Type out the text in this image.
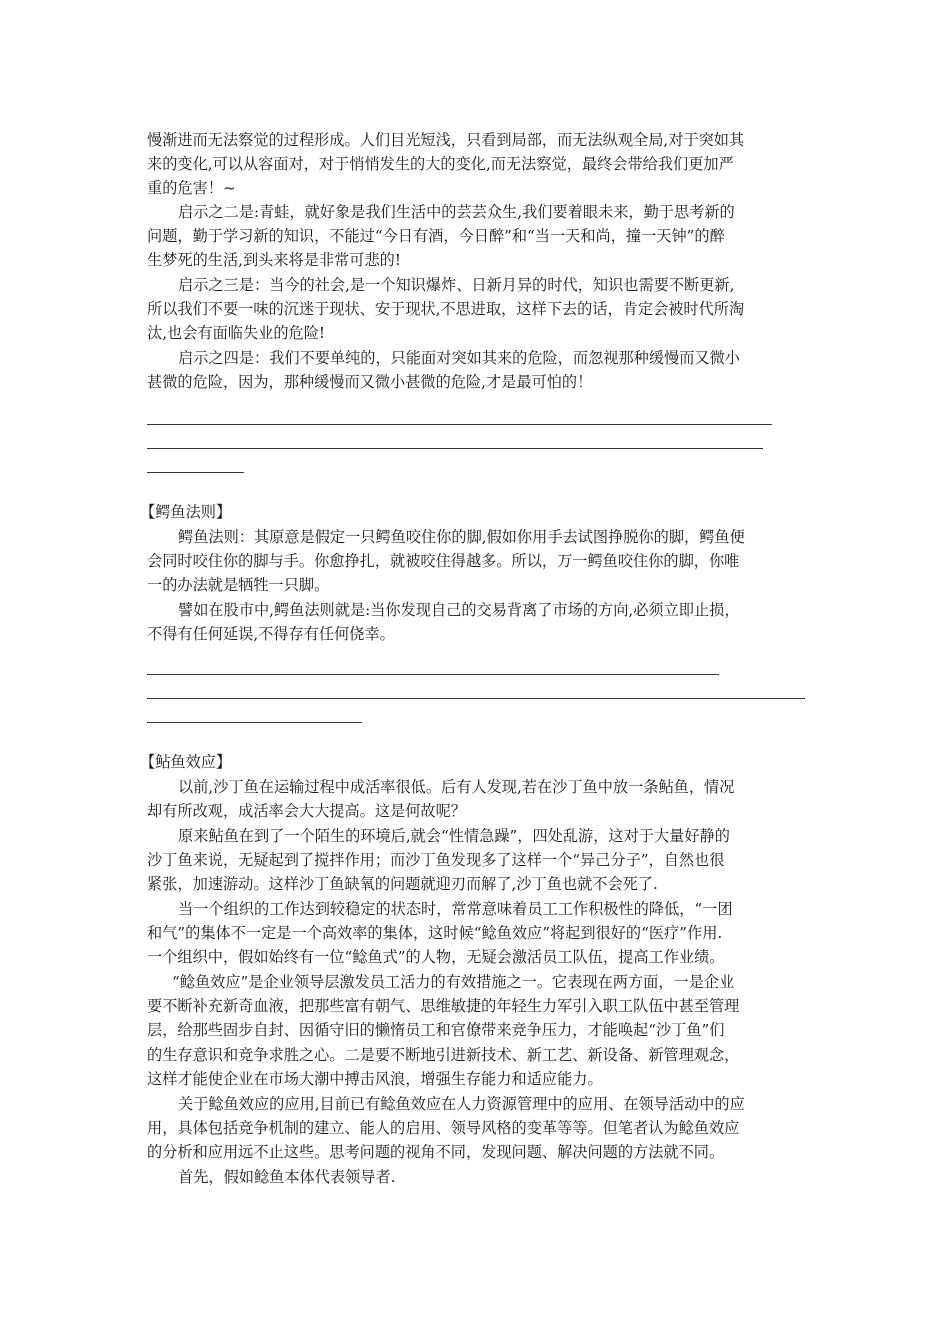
慢渐进而无法察觉的过程形成。人们目光短浅，只看到局部，而无法纵观全局,对于突如其
来的变化,可以从容面对，对于悄悄发生的大的变化,而无法察觉，最终会带给我们更加严
重的危害！~
启示之二是:青蛙，就好象是我们生活中的芸芸众生,我们要着眼未来，勤于思考新的
问题，勤于学习新的知识，不能过“今日有酒，今日醉”和“当一天和尚，撞一天钟”的醉
生梦死的生活,到头来将是非常可悲的!
启示之三是：当今的社会,是一个知识爆炸、日新月异的时代，知识也需要不断更新,
所以我们不要一味的沉迷于现状、安于现状,不思进取，这样下去的话，肯定会被时代所淘
汰,也会有面临失业的危险!
启示之四是：我们不要单纯的，只能面对突如其来的危险，而忽视那种缓慢而又微小
甚微的危险，因为，那种缓慢而又微小甚微的危险,才是最可怕的！
【鳄鱼法则】
鳄鱼法则：其原意是假定一只鳄鱼咬住你的脚,假如你用手去试图挣脱你的脚，鳄鱼便
会同时咬住你的脚与手。你愈挣扎，就被咬住得越多。所以，万一鳄鱼咬住你的脚，你唯
一的办法就是牺牲一只脚。
譬如在股市中,鳄鱼法则就是:当你发现自己的交易背离了市场的方向,必须立即止损，
不得有任何延误,不得存有任何侥幸。
【鲇鱼效应】
以前,沙丁鱼在运输过程中成活率很低。后有人发现,若在沙丁鱼中放一条鲇鱼，情况
却有所改观，成活率会大大提高。这是何故呢？
原来鲇鱼在到了一个陌生的环境后,就会“性情急躁”，四处乱游，这对于大量好静的
沙丁鱼来说，无疑起到了搅拌作用；而沙丁鱼发现多了这样一个“异己分子”，自然也很
紧张，加速游动。这样沙丁鱼缺氧的问题就迎刃而解了,沙丁鱼也就不会死了.
当一个组织的工作达到较稳定的状态时，常常意味着员工工作积极性的降低，“一团
和气”的集体不一定是一个高效率的集体，这时候“鲶鱼效应”将起到很好的“医疗”作用.
一个组织中，假如始终有一位“鲶鱼式”的人物，无疑会激活员工队伍，提高工作业绩。
“鲶鱼效应”是企业领导层激发员工活力的有效措施之一。它表现在两方面，一是企业
要不断补充新奇血液，把那些富有朝气、思维敏捷的年轻生力军引入职工队伍中甚至管理
层，给那些固步自封、因循守旧的懒惰员工和官僚带来竞争压力，才能唤起“沙丁鱼”们
的生存意识和竞争求胜之心。二是要不断地引进新技术、新工艺、新设备、新管理观念，
这样才能使企业在市场大潮中搏击风浪，增强生存能力和适应能力。
关于鲶鱼效应的应用,目前已有鲶鱼效应在人力资源管理中的应用、在领导活动中的应
用，具体包括竞争机制的建立、能人的启用、领导风格的变革等等。但笔者认为鲶鱼效应
的分析和应用远不止这些。思考问题的视角不同，发现问题、解决问题的方法就不同。
首先，假如鲶鱼本体代表领导者.
